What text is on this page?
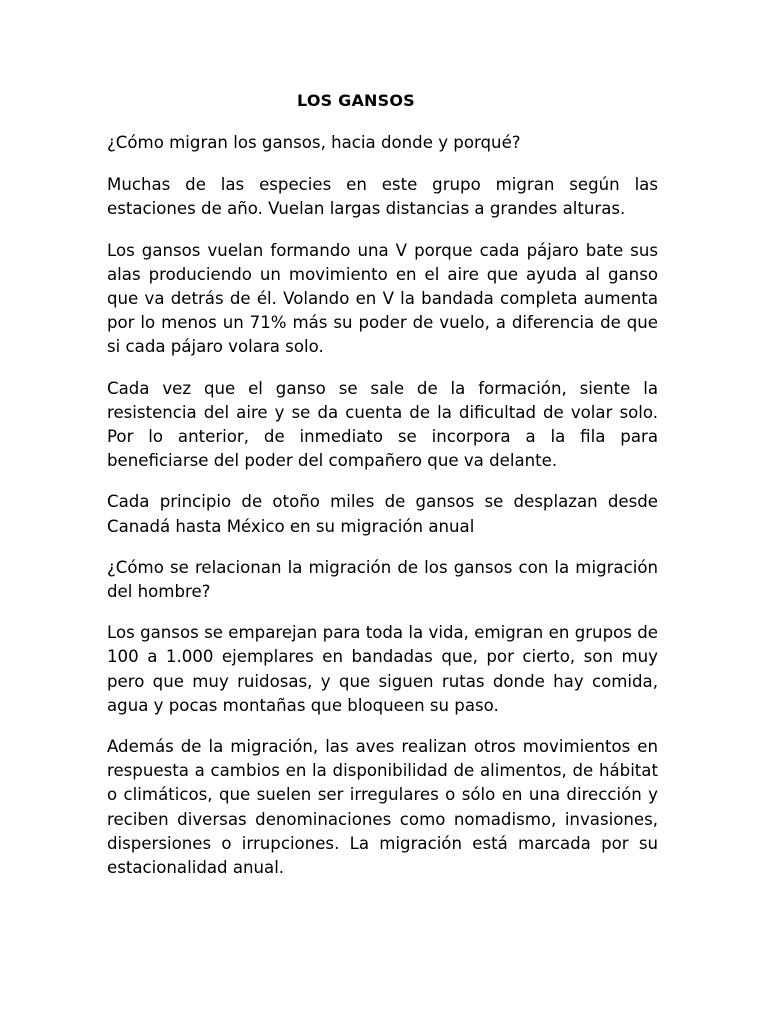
LOS GANSOS

¿Cómo migran los gansos, hacia donde y porqué?

Muchas de las especies en este grupo migran según las estaciones de año. Vuelan largas distancias a grandes alturas.

Los gansos vuelan formando una V porque cada pájaro bate sus alas produciendo un movimiento en el aire que ayuda al ganso que va detrás de él. Volando en V la bandada completa aumenta por lo menos un 71% más su poder de vuelo, a diferencia de que si cada pájaro volara solo.

Cada vez que el ganso se sale de la formación, siente la resistencia del aire y se da cuenta de la dificultad de volar solo. Por lo anterior, de inmediato se incorpora a la fila para beneficiarse del poder del compañero que va delante.

Cada principio de otoño miles de gansos se desplazan desde Canadá hasta México en su migración anual

¿Cómo se relacionan la migración de los gansos con la migración del hombre?

Los gansos se emparejan para toda la vida, emigran en grupos de 100 a 1.000 ejemplares en bandadas que, por cierto, son muy pero que muy ruidosas, y que siguen rutas donde hay comida, agua y pocas montañas que bloqueen su paso.

Además de la migración, las aves realizan otros movimientos en respuesta a cambios en la disponibilidad de alimentos, de hábitat o climáticos, que suelen ser irregulares o sólo en una dirección y reciben diversas denominaciones como nomadismo, invasiones, dispersiones o irrupciones. La migración está marcada por su estacionalidad anual.
